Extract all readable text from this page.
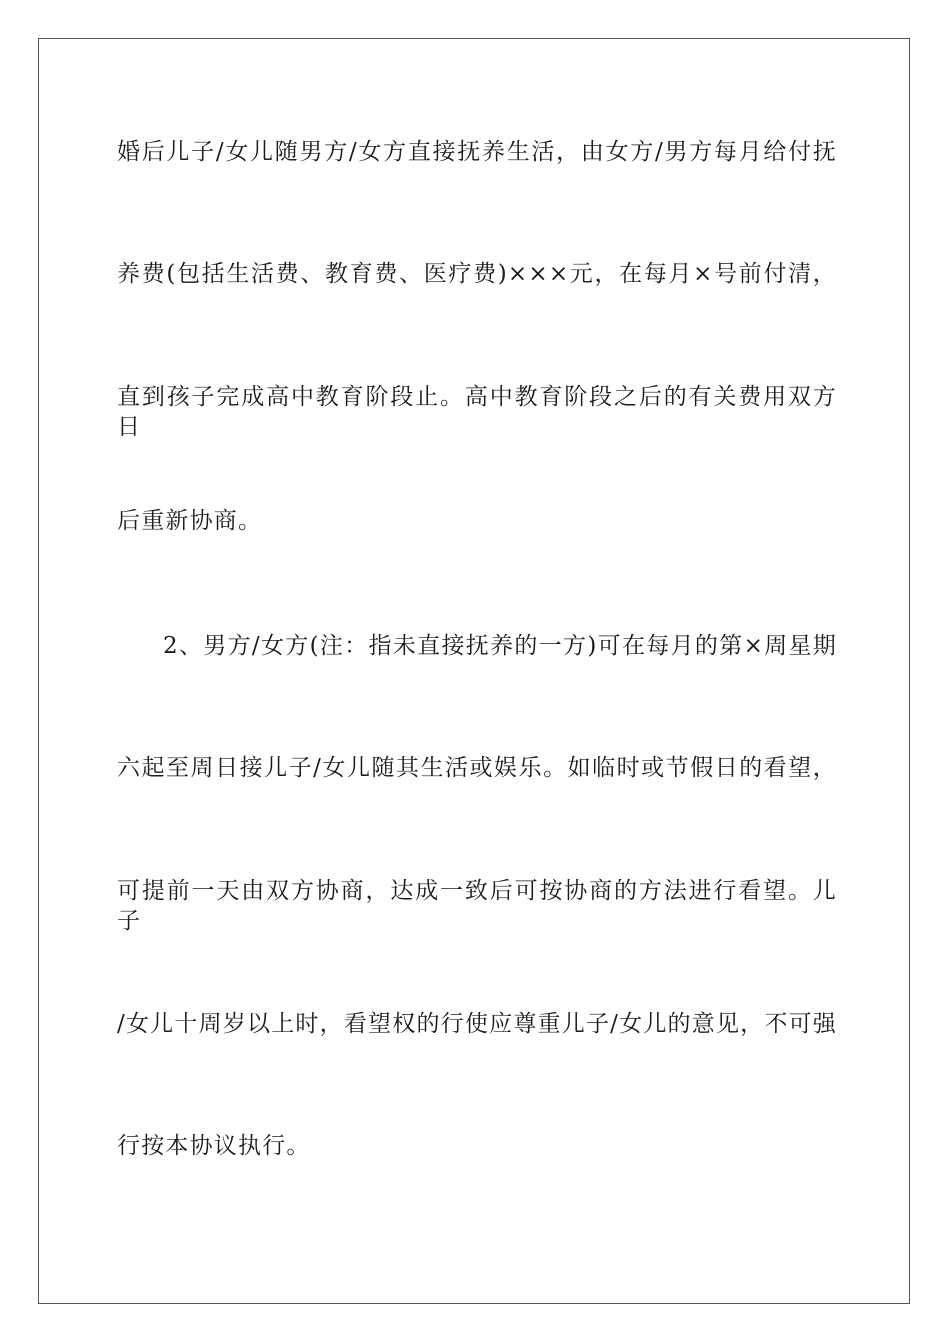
婚后儿子/女儿随男方/女方直接抚养生活，由女方/男方每月给付抚
养费(包括生活费、教育费、医疗费)×××元，在每月×号前付清，
直到孩子完成高中教育阶段止。高中教育阶段之后的有关费用双方日
后重新协商。
2、男方/女方(注：指未直接抚养的一方)可在每月的第×周星期
六起至周日接儿子/女儿随其生活或娱乐。如临时或节假日的看望，
可提前一天由双方协商，达成一致后可按协商的方法进行看望。儿子
/女儿十周岁以上时，看望权的行使应尊重儿子/女儿的意见，不可强
行按本协议执行。
